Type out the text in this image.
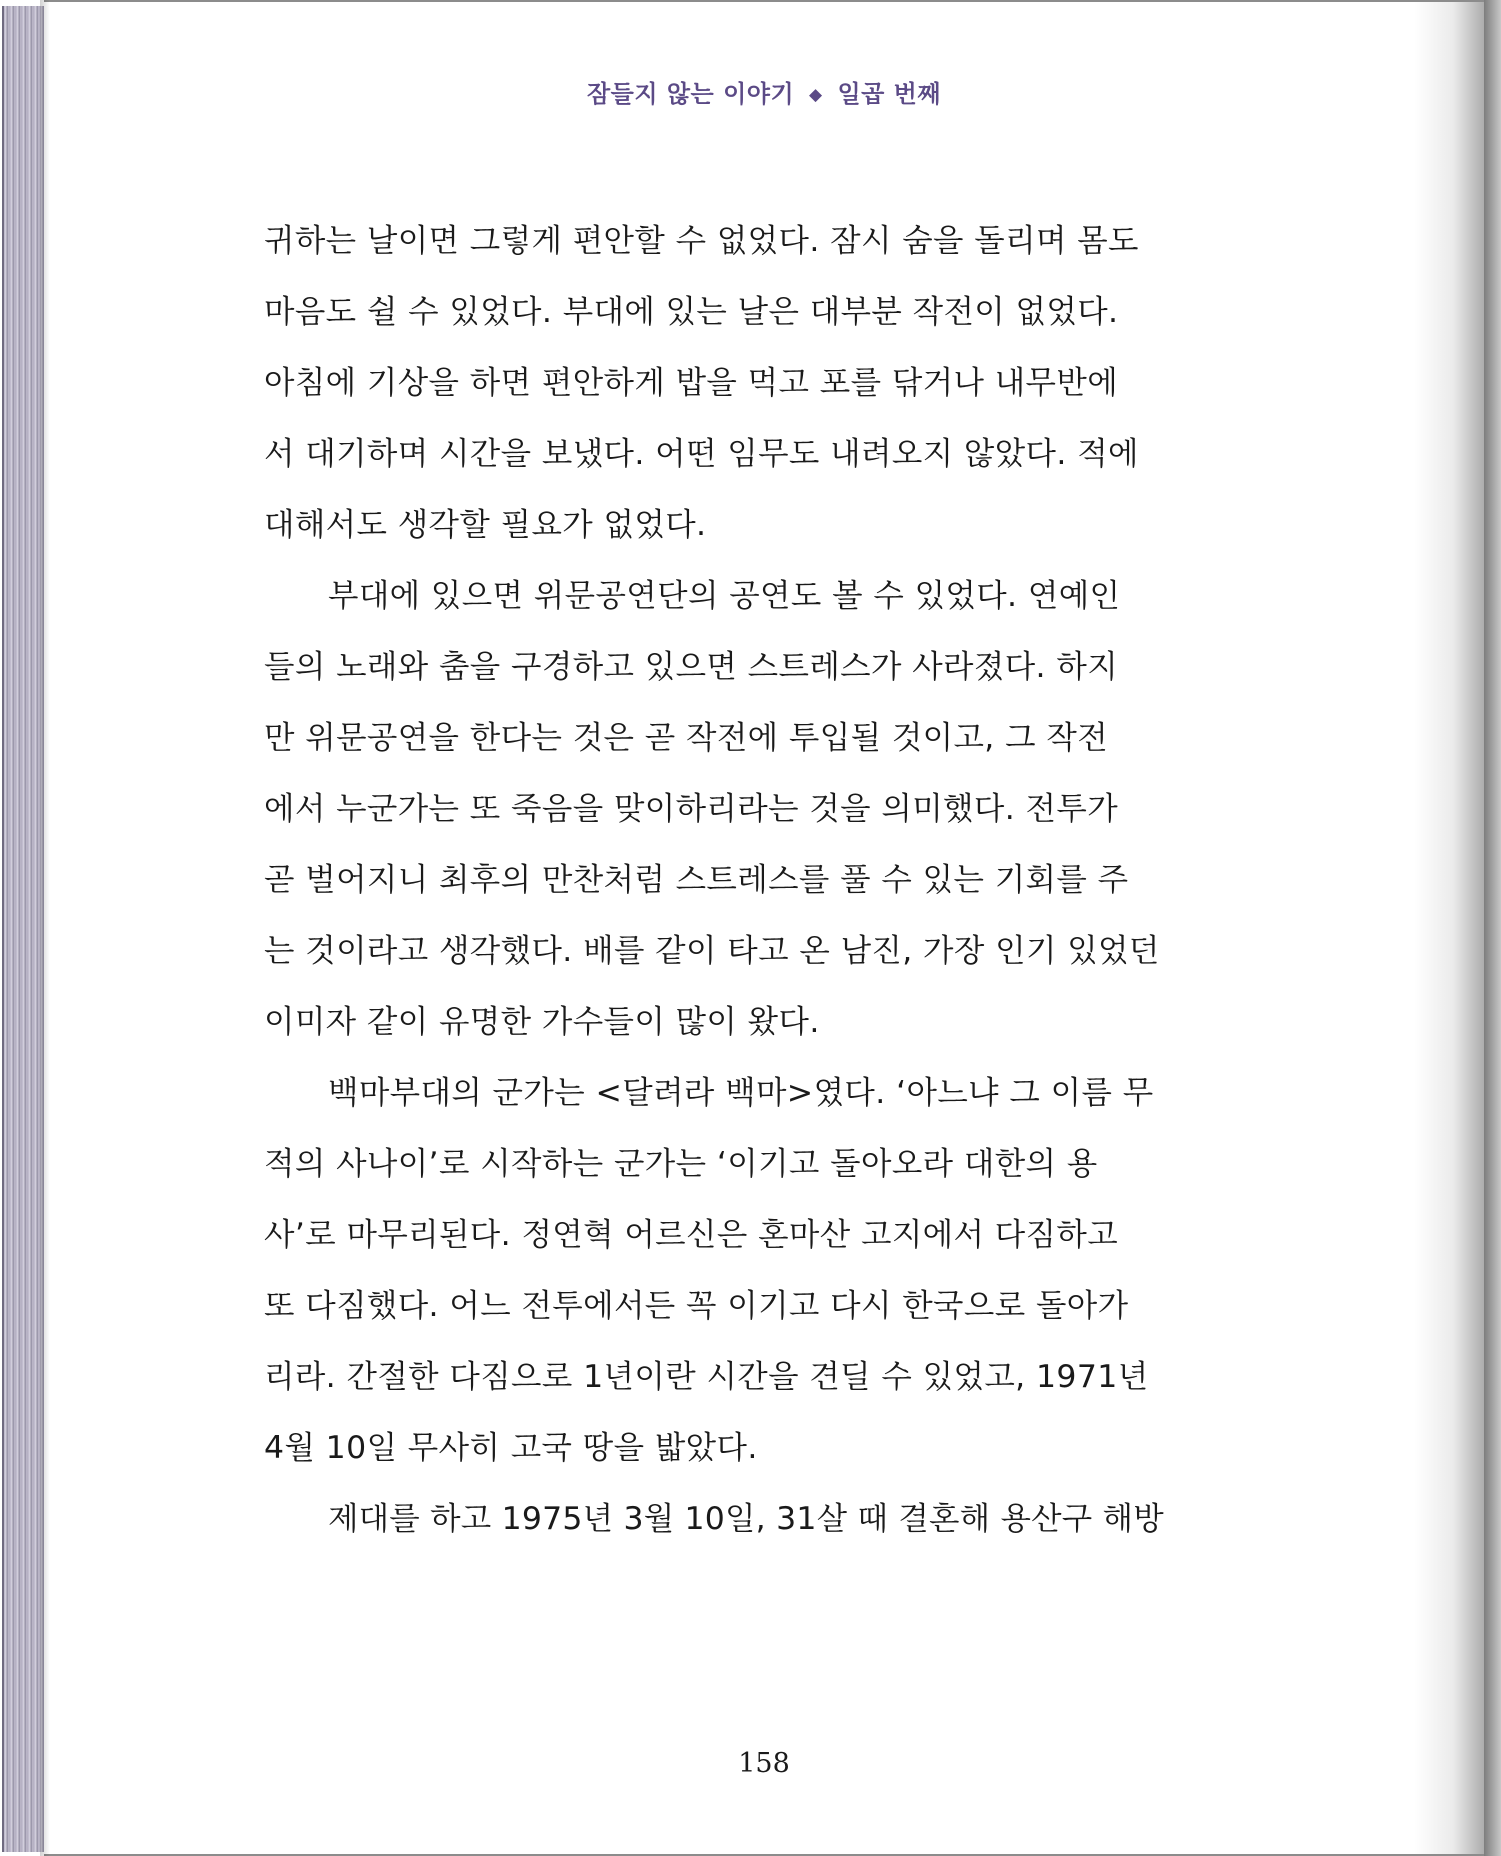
잠들지 않는 이야기 ◆ 일곱 번째
귀하는 날이면 그렇게 편안할 수 없었다. 잠시 숨을 돌리며 몸도
마음도 쉴 수 있었다. 부대에 있는 날은 대부분 작전이 없었다.
아침에 기상을 하면 편안하게 밥을 먹고 포를 닦거나 내무반에
서 대기하며 시간을 보냈다. 어떤 임무도 내려오지 않았다. 적에
대해서도 생각할 필요가 없었다.
부대에 있으면 위문공연단의 공연도 볼 수 있었다. 연예인
들의 노래와 춤을 구경하고 있으면 스트레스가 사라졌다. 하지
만 위문공연을 한다는 것은 곧 작전에 투입될 것이고, 그 작전
에서 누군가는 또 죽음을 맞이하리라는 것을 의미했다. 전투가
곧 벌어지니 최후의 만찬처럼 스트레스를 풀 수 있는 기회를 주
는 것이라고 생각했다. 배를 같이 타고 온 남진, 가장 인기 있었던
이미자 같이 유명한 가수들이 많이 왔다.
백마부대의 군가는 <달려라 백마>였다. ‘아느냐 그 이름 무
적의 사나이’로 시작하는 군가는 ‘이기고 돌아오라 대한의 용
사’로 마무리된다. 정연혁 어르신은 혼마산 고지에서 다짐하고
또 다짐했다. 어느 전투에서든 꼭 이기고 다시 한국으로 돌아가
리라. 간절한 다짐으로 1년이란 시간을 견딜 수 있었고, 1971년
4월 10일 무사히 고국 땅을 밟았다.
제대를 하고 1975년 3월 10일, 31살 때 결혼해 용산구 해방
158
